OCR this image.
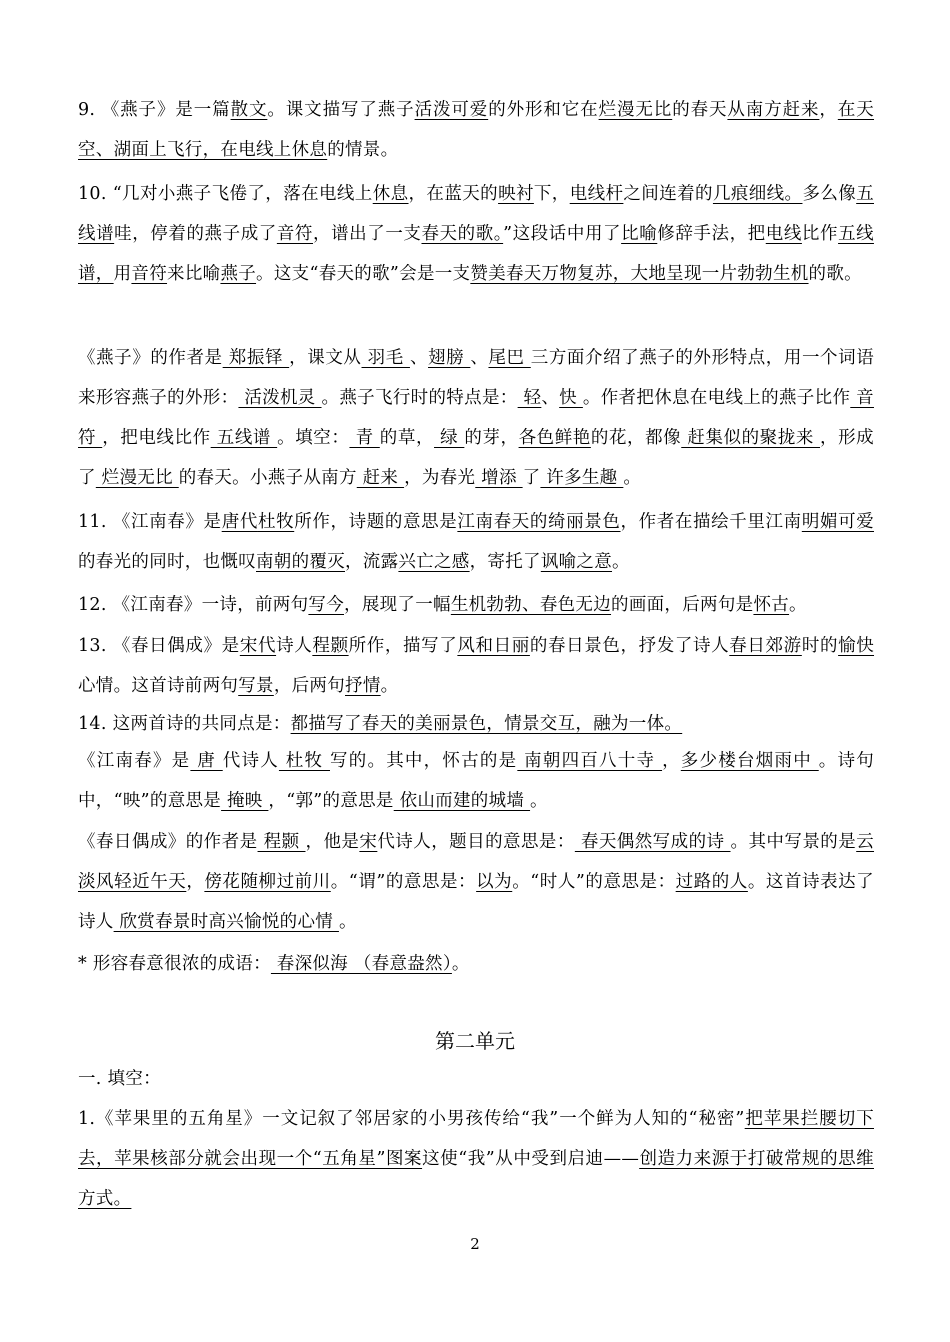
9. 《燕子》是一篇散文。课文描写了燕子活泼可爱的外形和它在烂漫无比的春天从南方赶来，在天空、湖面上飞行，在电线上休息的情景。
10. “几对小燕子飞倦了，落在电线上休息，在蓝天的映衬下，电线杆之间连着的几痕细线。多么像五线谱哇，停着的燕子成了音符，谱出了一支春天的歌。”这段话中用了比喻修辞手法，把电线比作五线谱，用音符来比喻燕子。这支“春天的歌”会是一支赞美春天万物复苏，大地呈现一片勃勃生机的歌。
《燕子》的作者是 郑振铎 ，课文从 羽毛 、翅膀 、尾巴 三方面介绍了燕子的外形特点，用一个词语来形容燕子的外形： 活泼机灵 。燕子飞行时的特点是： 轻、快 。作者把休息在电线上的燕子比作 音符 ，把电线比作 五线谱 。填空： 青 的草， 绿 的芽，各色鲜艳的花，都像 赶集似的聚拢来 ，形成了 烂漫无比 的春天。小燕子从南方 赶来 ，为春光 增添 了 许多生趣 。
11. 《江南春》是唐代杜牧所作，诗题的意思是江南春天的绮丽景色，作者在描绘千里江南明媚可爱的春光的同时，也慨叹南朝的覆灭，流露兴亡之感，寄托了讽喻之意。
12. 《江南春》一诗，前两句写今，展现了一幅生机勃勃、春色无边的画面，后两句是怀古。
13. 《春日偶成》是宋代诗人程颢所作，描写了风和日丽的春日景色，抒发了诗人春日郊游时的愉快心情。这首诗前两句写景，后两句抒情。
14. 这两首诗的共同点是：都描写了春天的美丽景色，情景交互，融为一体。
《江南春》是 唐 代诗人 杜牧 写的。其中，怀古的是 南朝四百八十寺 ，多少楼台烟雨中 。诗句中，“映”的意思是 掩映 ，“郭”的意思是 依山而建的城墙 。
《春日偶成》的作者是 程颢 ，他是宋代诗人，题目的意思是： 春天偶然写成的诗 。其中写景的是云淡风轻近午天，傍花随柳过前川。“谓”的意思是：以为。“时人”的意思是：过路的人。这首诗表达了诗人 欣赏春景时高兴愉悦的心情 。
* 形容春意很浓的成语： 春深似海 （春意盎然）。
第二单元
一. 填空：
1.《苹果里的五角星》一文记叙了邻居家的小男孩传给“我”一个鲜为人知的“秘密”把苹果拦腰切下去，苹果核部分就会出现一个“五角星”图案这使“我”从中受到启迪——创造力来源于打破常规的思维方式。
2
